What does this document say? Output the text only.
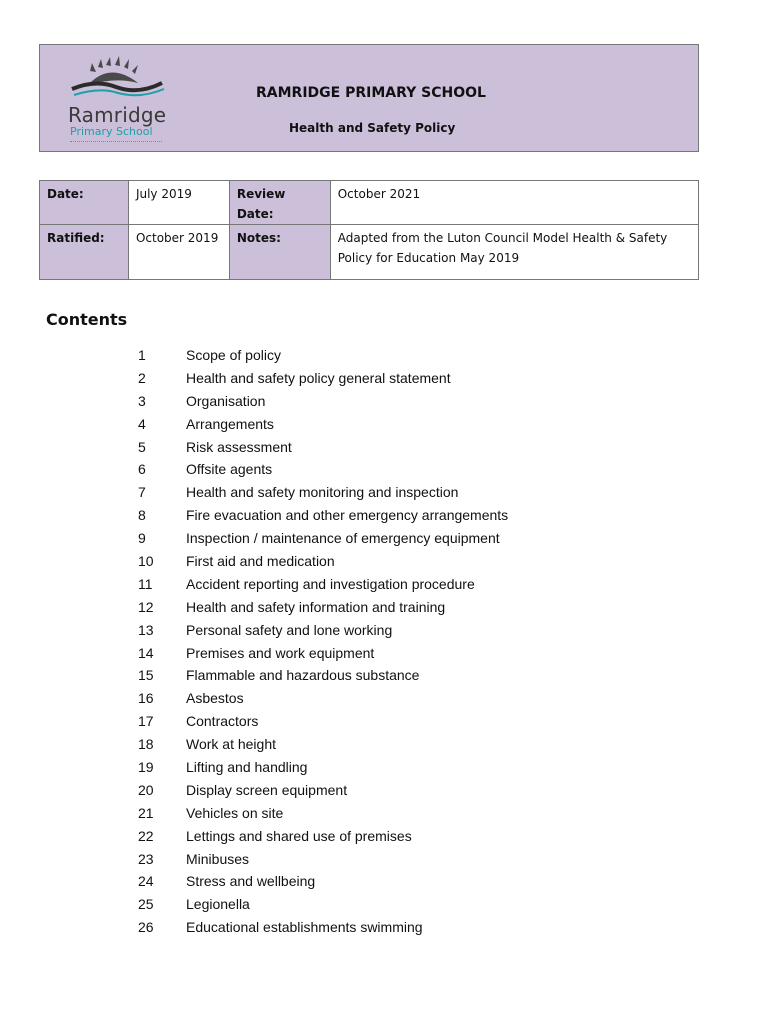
Ramridge
Primary School
RAMRIDGE PRIMARY SCHOOL
Health and Safety Policy
Date:	July 2019	Review Date:	October 2021
Ratified:	October 2019	Notes:	Adapted from the Luton Council Model Health & Safety Policy for Education May 2019
Contents
1	Scope of policy
2	Health and safety policy general statement
3	Organisation
4	Arrangements
5	Risk assessment
6	Offsite agents
7	Health and safety monitoring and inspection
8	Fire evacuation and other emergency arrangements
9	Inspection / maintenance of emergency equipment
10 First aid and medication
11 Accident reporting and investigation procedure
12 Health and safety information and training
13 Personal safety and lone working
14 Premises and work equipment
15 Flammable and hazardous substance
16 Asbestos
17 Contractors
18 Work at height
19 Lifting and handling
20 Display screen equipment
21 Vehicles on site
22 Lettings and shared use of premises
23 Minibuses
24 Stress and wellbeing
25 Legionella
26 Educational establishments swimming
